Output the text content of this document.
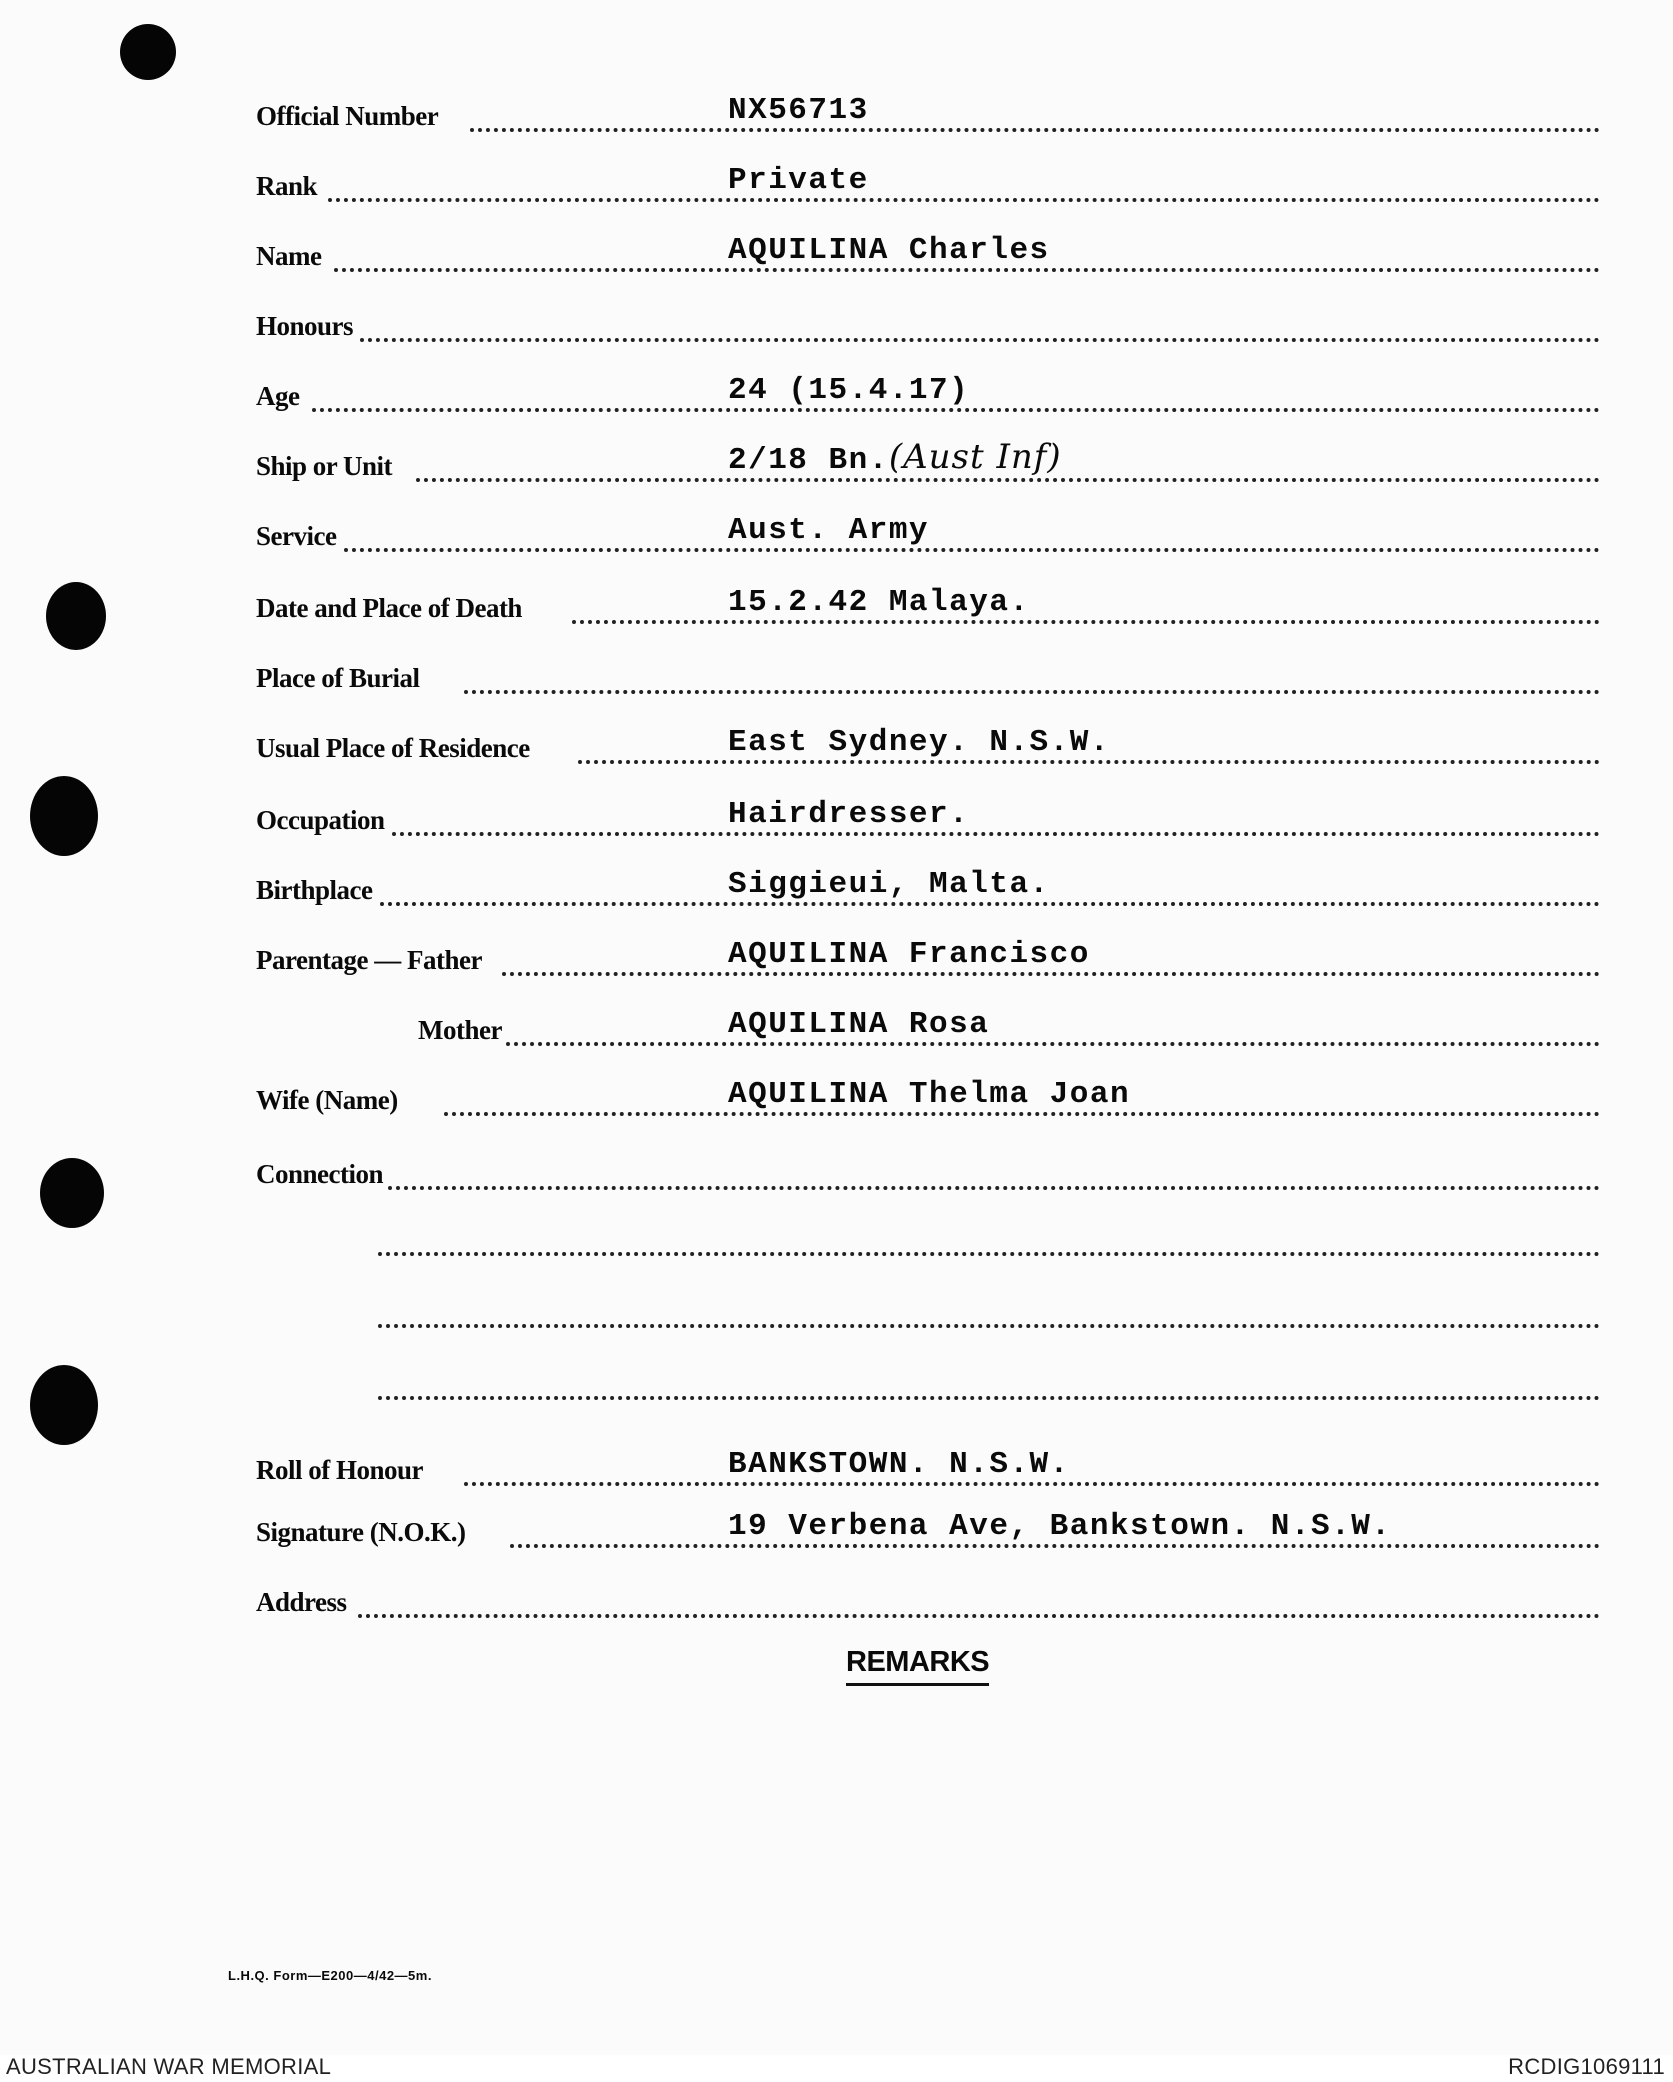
Official Number	NX56713
Rank	Private
Name	AQUILINA Charles
Honours
Age	24 (15.4.17)
Ship or Unit	2/18 Bn.(Aust Inf)
Service	Aust. Army
Date and Place of Death	15.2.42 Malaya.
Place of Burial
Usual Place of Residence	East Sydney. N.S.W.
Occupation	Hairdresser.
Birthplace	Siggieui, Malta.
Parentage — Father	AQUILINA Francisco
Mother	AQUILINA Rosa
Wife (Name)	AQUILINA Thelma Joan
Connection
Roll of Honour	BANKSTOWN. N.S.W.
Signature (N.O.K.)	19 Verbena Ave, Bankstown. N.S.W.
Address
REMARKS
L.H.Q. Form—E200—4/42—5m.
AUSTRALIAN WAR MEMORIAL	RCDIG1069111
